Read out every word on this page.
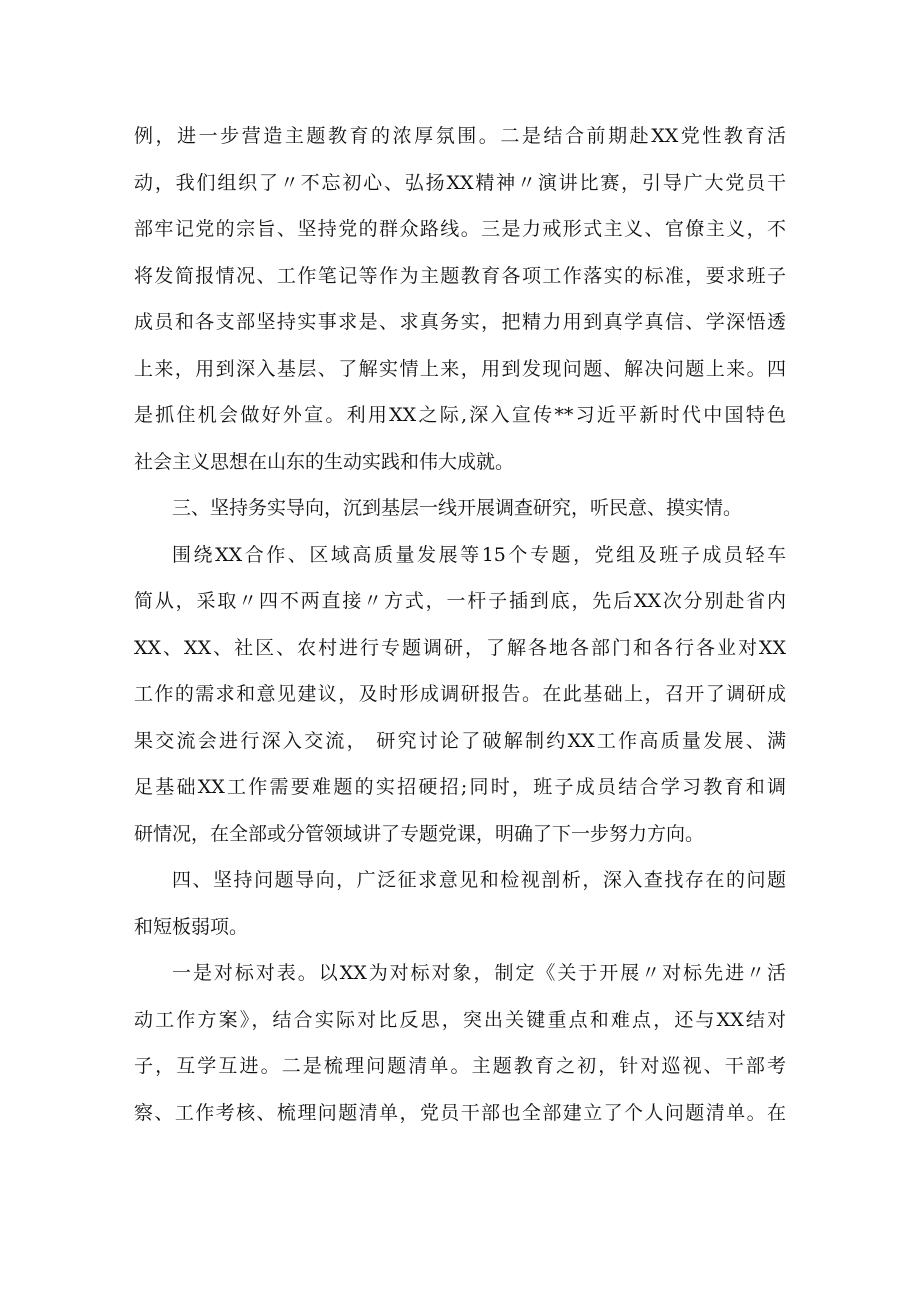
例，进一步营造主题教育的浓厚氛围。二是结合前期赴XX党性教育活
动，我们组织了〃不忘初心、弘扬XX精神〃演讲比赛，引导广大党员干
部牢记党的宗旨、坚持党的群众路线。三是力戒形式主义、官僚主义，不
将发简报情况、工作笔记等作为主题教育各项工作落实的标准，要求班子
成员和各支部坚持实事求是、求真务实，把精力用到真学真信、学深悟透
上来，用到深入基层、了解实情上来，用到发现问题、解决问题上来。四
是抓住机会做好外宣。利用XX之际,深入宣传**习近平新时代中国特色
社会主义思想在山东的生动实践和伟大成就。
三、坚持务实导向，沉到基层一线开展调查研究，听民意、摸实情。
围绕XX合作、区域高质量发展等15个专题，党组及班子成员轻车
简从，采取〃四不两直接〃方式，一杆子插到底，先后XX次分别赴省内
XX、XX、社区、农村进行专题调研，了解各地各部门和各行各业对XX
工作的需求和意见建议，及时形成调研报告。在此基础上，召开了调研成
果交流会进行深入交流， 研究讨论了破解制约XX工作高质量发展、满
足基础XX工作需要难题的实招硬招;同时，班子成员结合学习教育和调
研情况，在全部或分管领域讲了专题党课，明确了下一步努力方向。
四、坚持问题导向，广泛征求意见和检视剖析，深入查找存在的问题
和短板弱项。
一是对标对表。以XX为对标对象，制定《关于开展〃对标先进〃活
动工作方案》，结合实际对比反思，突出关键重点和难点，还与XX结对
子，互学互进。二是梳理问题清单。主题教育之初，针对巡视、干部考
察、工作考核、梳理问题清单，党员干部也全部建立了个人问题清单。在
